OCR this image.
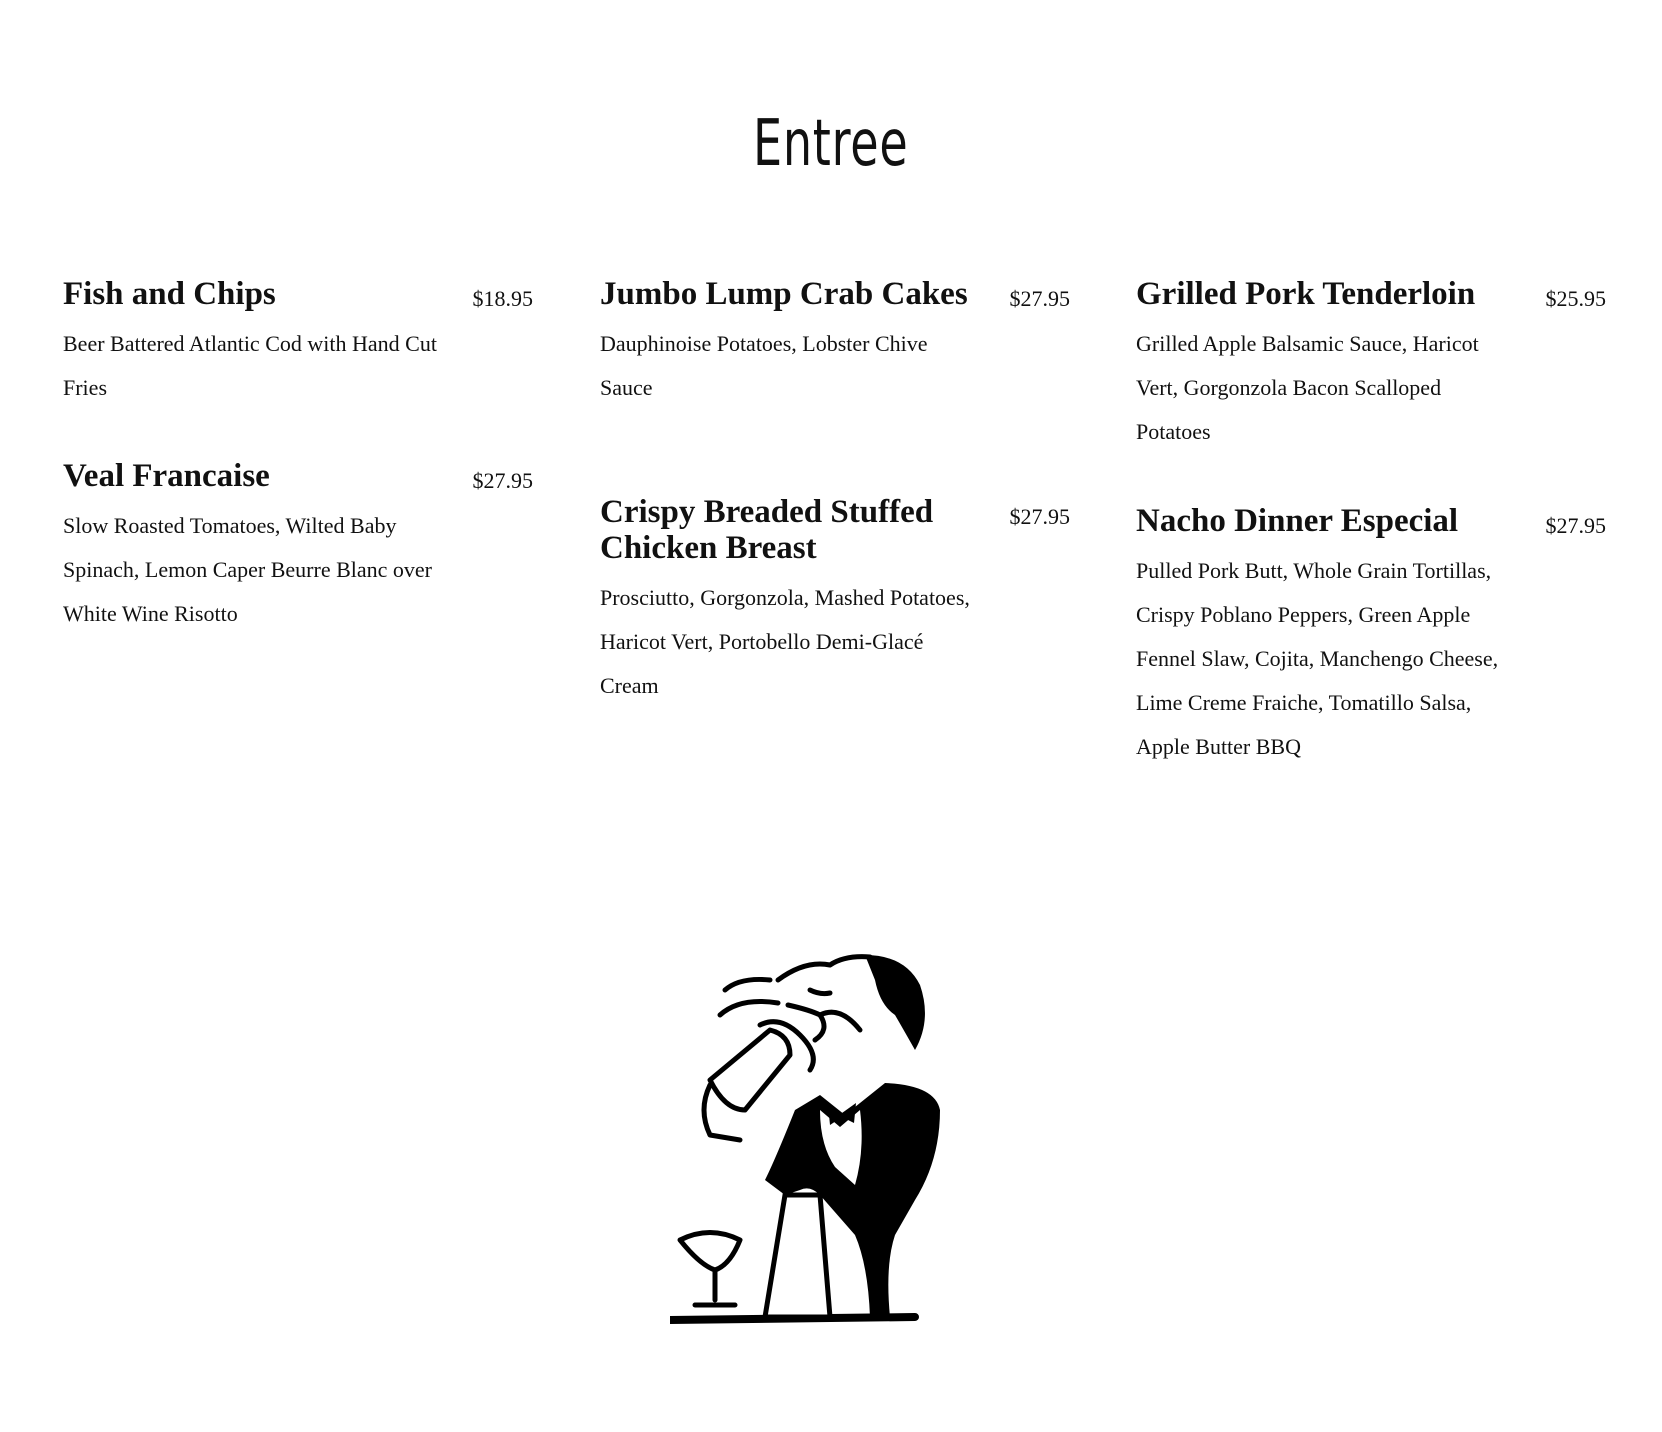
Entree
Fish and Chips	$18.95
Beer Battered Atlantic Cod with Hand Cut Fries
Veal Francaise	$27.95
Slow Roasted Tomatoes, Wilted Baby Spinach, Lemon Caper Beurre Blanc over White Wine Risotto
Jumbo Lump Crab Cakes	$27.95
Dauphinoise Potatoes, Lobster Chive Sauce
Crispy Breaded Stuffed Chicken Breast
$27.95
Prosciutto, Gorgonzola, Mashed Potatoes, Haricot Vert, Portobello Demi-Glacé Cream
Grilled Pork Tenderloin	$25.95
Grilled Apple Balsamic Sauce, Haricot Vert, Gorgonzola Bacon Scalloped Potatoes
Nacho Dinner Especial	$27.95
Pulled Pork Butt, Whole Grain Tortillas, Crispy Poblano Peppers, Green Apple Fennel Slaw, Cojita, Manchengo Cheese, Lime Creme Fraiche, Tomatillo Salsa, Apple Butter BBQ
